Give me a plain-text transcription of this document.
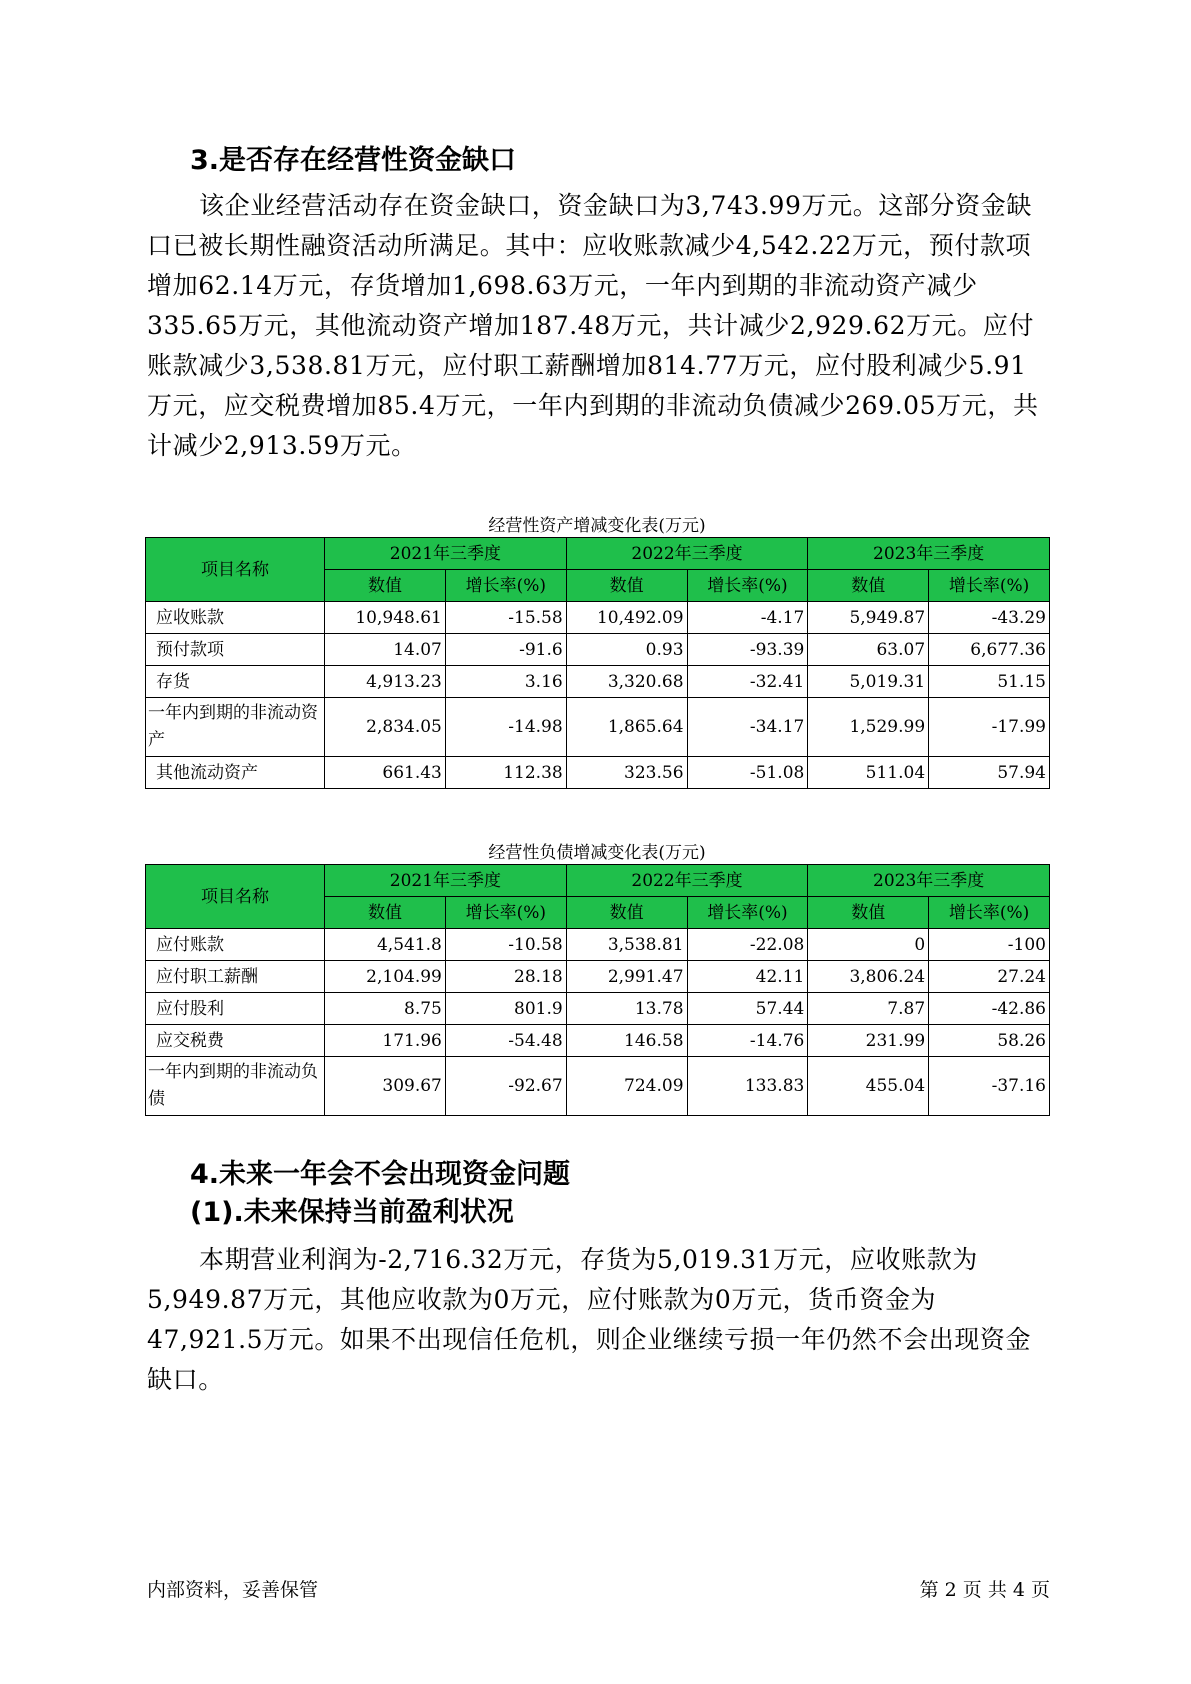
3.是否存在经营性资金缺口

该企业经营活动存在资金缺口，资金缺口为3,743.99万元。这部分资金缺口已被长期性融资活动所满足。其中：应收账款减少4,542.22万元，预付款项增加62.14万元，存货增加1,698.63万元，一年内到期的非流动资产减少335.65万元，其他流动资产增加187.48万元，共计减少2,929.62万元。应付账款减少3,538.81万元，应付职工薪酬增加814.77万元，应付股利减少5.91万元，应交税费增加85.4万元，一年内到期的非流动负债减少269.05万元，共计减少2,913.59万元。

经营性资产增减变化表(万元)

项目名称	2021年三季度		2022年三季度		2023年三季度	
	数值	增长率(%)	数值	增长率(%)	数值	增长率(%)
应收账款	10,948.61	-15.58	10,492.09	-4.17	5,949.87	-43.29
预付款项	14.07	-91.6	0.93	-93.39	63.07	6,677.36
存货	4,913.23	3.16	3,320.68	-32.41	5,019.31	51.15
一年内到期的非流动资产	2,834.05	-14.98	1,865.64	-34.17	1,529.99	-17.99
其他流动资产	661.43	112.38	323.56	-51.08	511.04	57.94

经营性负债增减变化表(万元)

项目名称	2021年三季度		2022年三季度		2023年三季度	
	数值	增长率(%)	数值	增长率(%)	数值	增长率(%)
应付账款	4,541.8	-10.58	3,538.81	-22.08	0	-100
应付职工薪酬	2,104.99	28.18	2,991.47	42.11	3,806.24	27.24
应付股利	8.75	801.9	13.78	57.44	7.87	-42.86
应交税费	171.96	-54.48	146.58	-14.76	231.99	58.26
一年内到期的非流动负债	309.67	-92.67	724.09	133.83	455.04	-37.16
4.未来一年会不会出现资金问题
(1).未来保持当前盈利状况

本期营业利润为-2,716.32万元，存货为5,019.31万元，应收账款为5,949.87万元，其他应收款为0万元，应付账款为0万元，货币资金为47,921.5万元。如果不出现信任危机，则企业继续亏损一年仍然不会出现资金缺口。

内部资料，妥善保管	第 2 页 共 4 页
